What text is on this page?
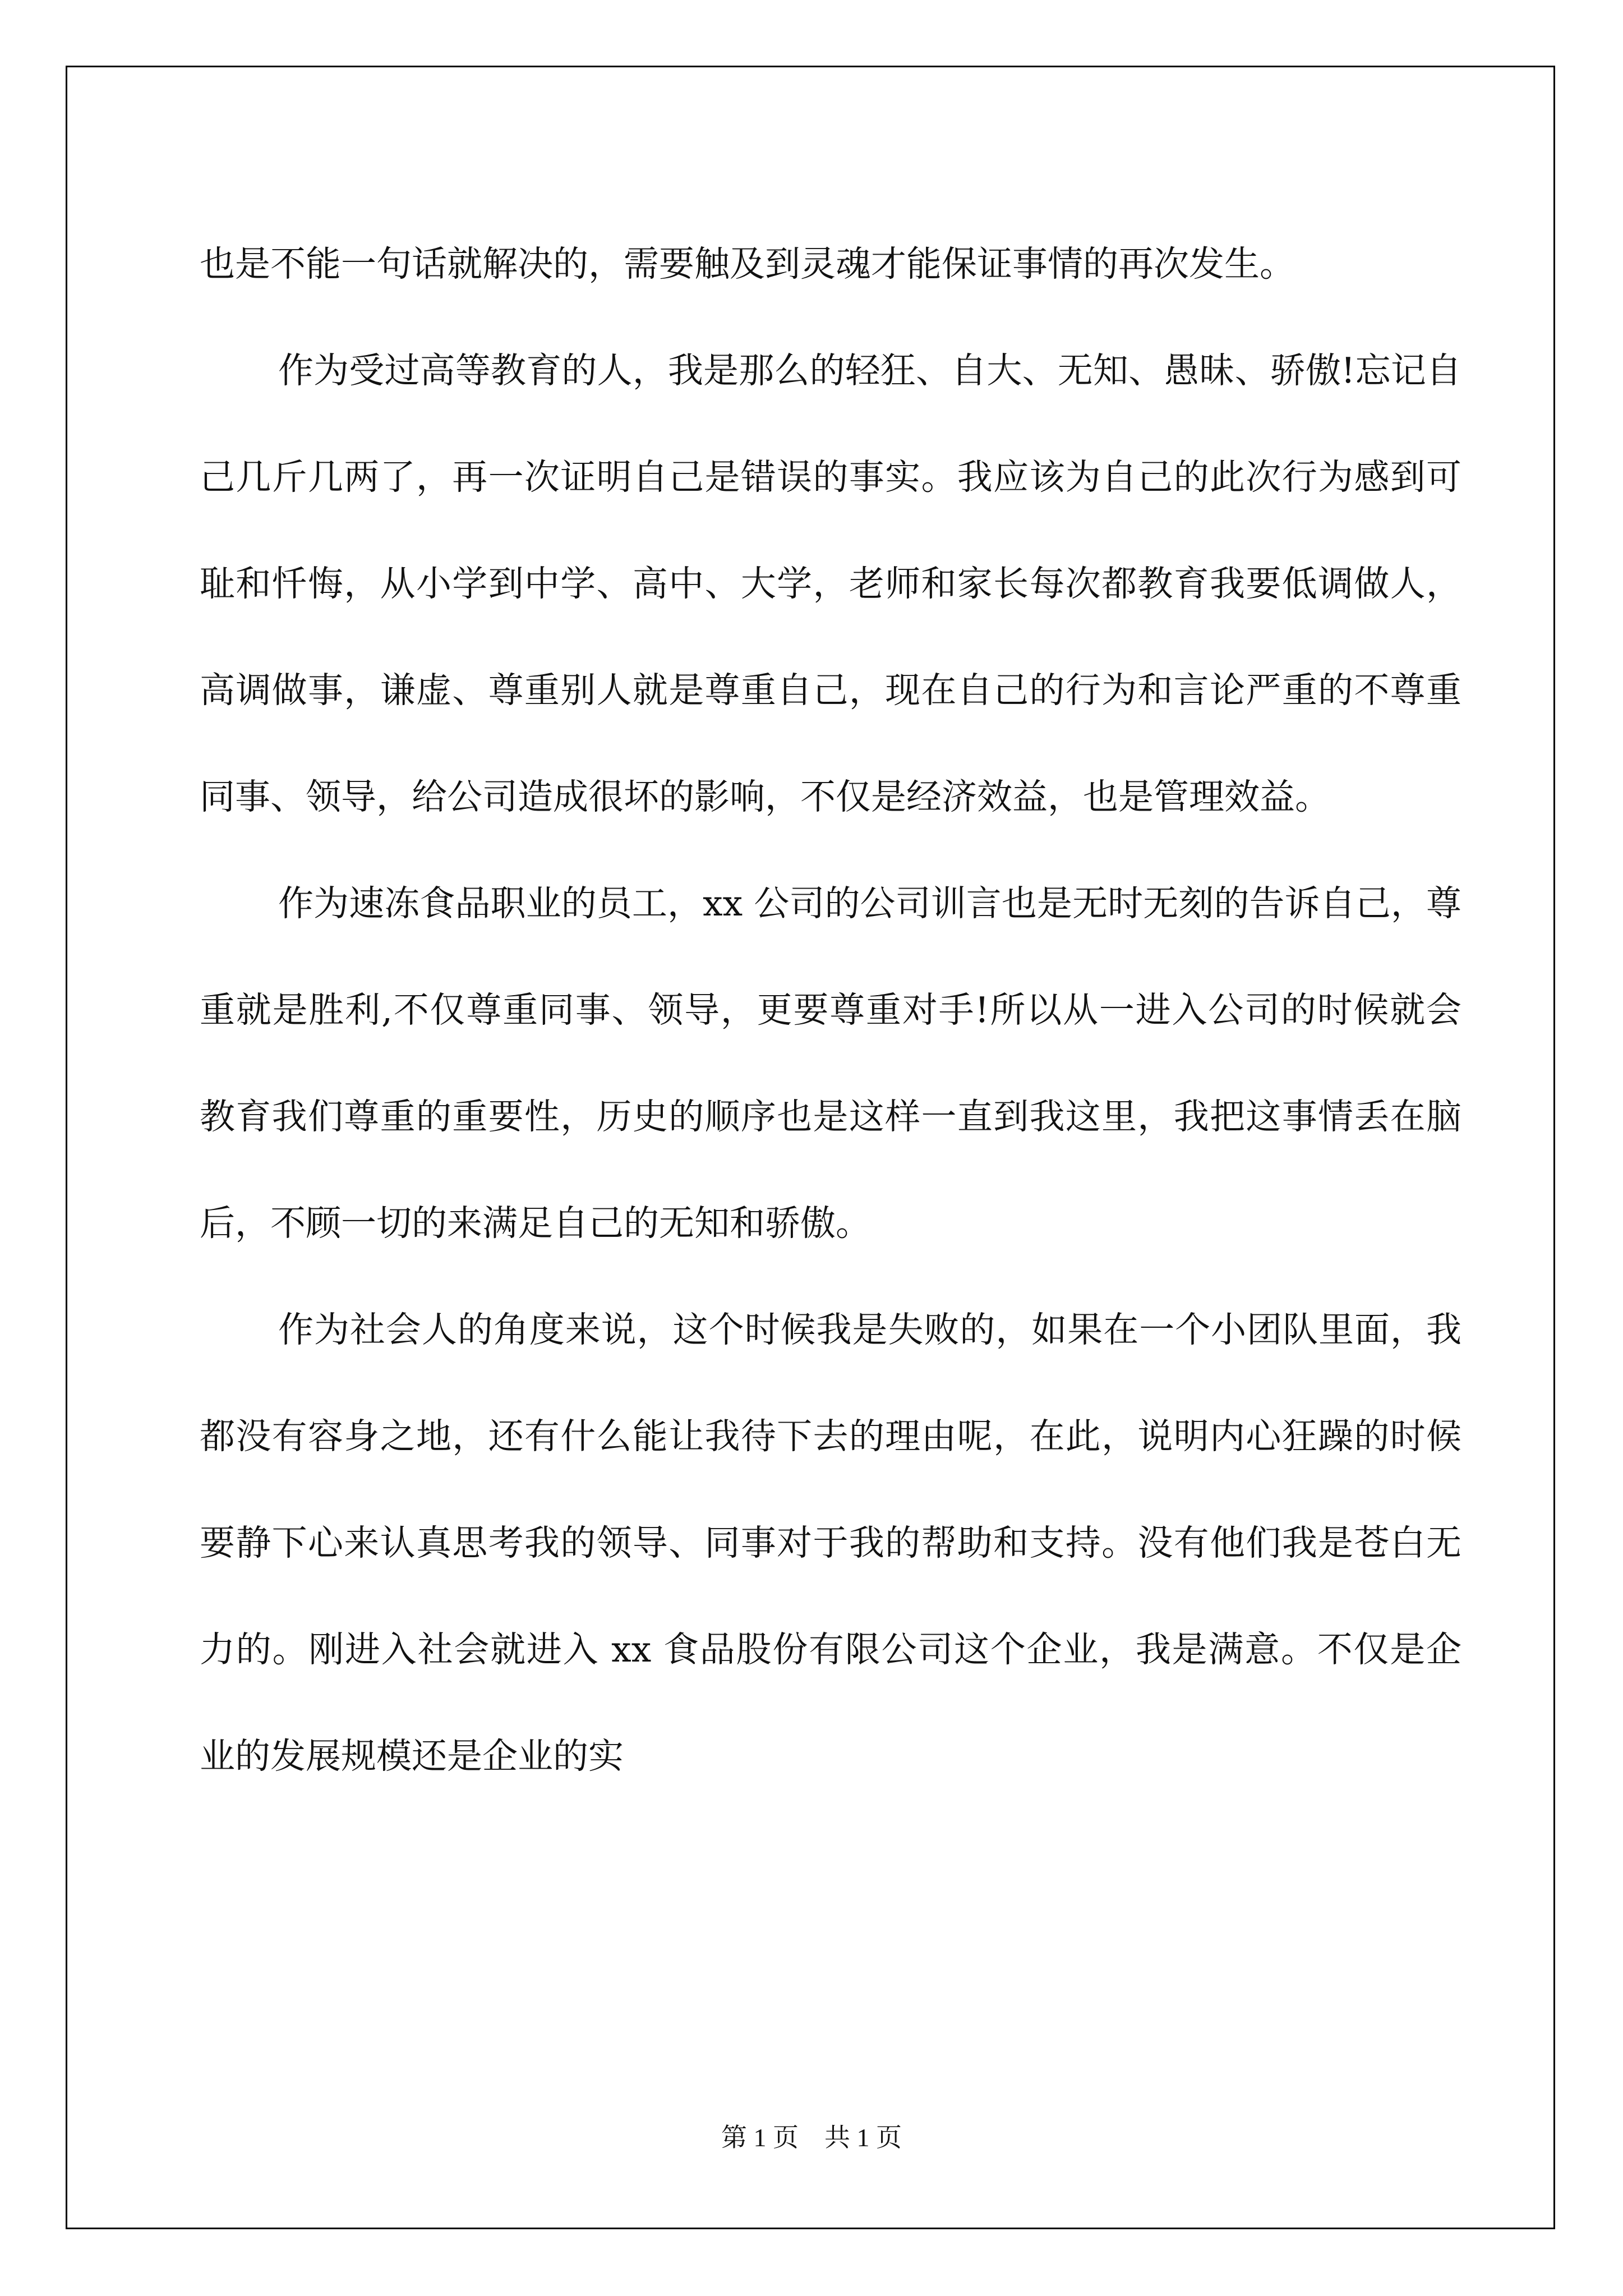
也是不能一句话就解决的，需要触及到灵魂才能保证事情的再次发生。

作为受过高等教育的人，我是那么的轻狂、自大、无知、愚昧、骄傲!忘记自己几斤几两了，再一次证明自己是错误的事实。我应该为自己的此次行为感到可耻和忏悔，从小学到中学、高中、大学，老师和家长每次都教育我要低调做人，高调做事，谦虚、尊重别人就是尊重自己，现在自己的行为和言论严重的不尊重同事、领导，给公司造成很坏的影响，不仅是经济效益，也是管理效益。

作为速冻食品职业的员工，xx 公司的公司训言也是无时无刻的告诉自己，尊重就是胜利,不仅尊重同事、领导，更要尊重对手!所以从一进入公司的时候就会教育我们尊重的重要性，历史的顺序也是这样一直到我这里，我把这事情丢在脑后，不顾一切的来满足自己的无知和骄傲。

作为社会人的角度来说，这个时候我是失败的，如果在一个小团队里面，我都没有容身之地，还有什么能让我待下去的理由呢，在此，说明内心狂躁的时候要静下心来认真思考我的领导、同事对于我的帮助和支持。没有他们我是苍白无力的。刚进入社会就进入 xx 食品股份有限公司这个企业，我是满意。不仅是企业的发展规模还是企业的实

第 1 页　共 1 页
